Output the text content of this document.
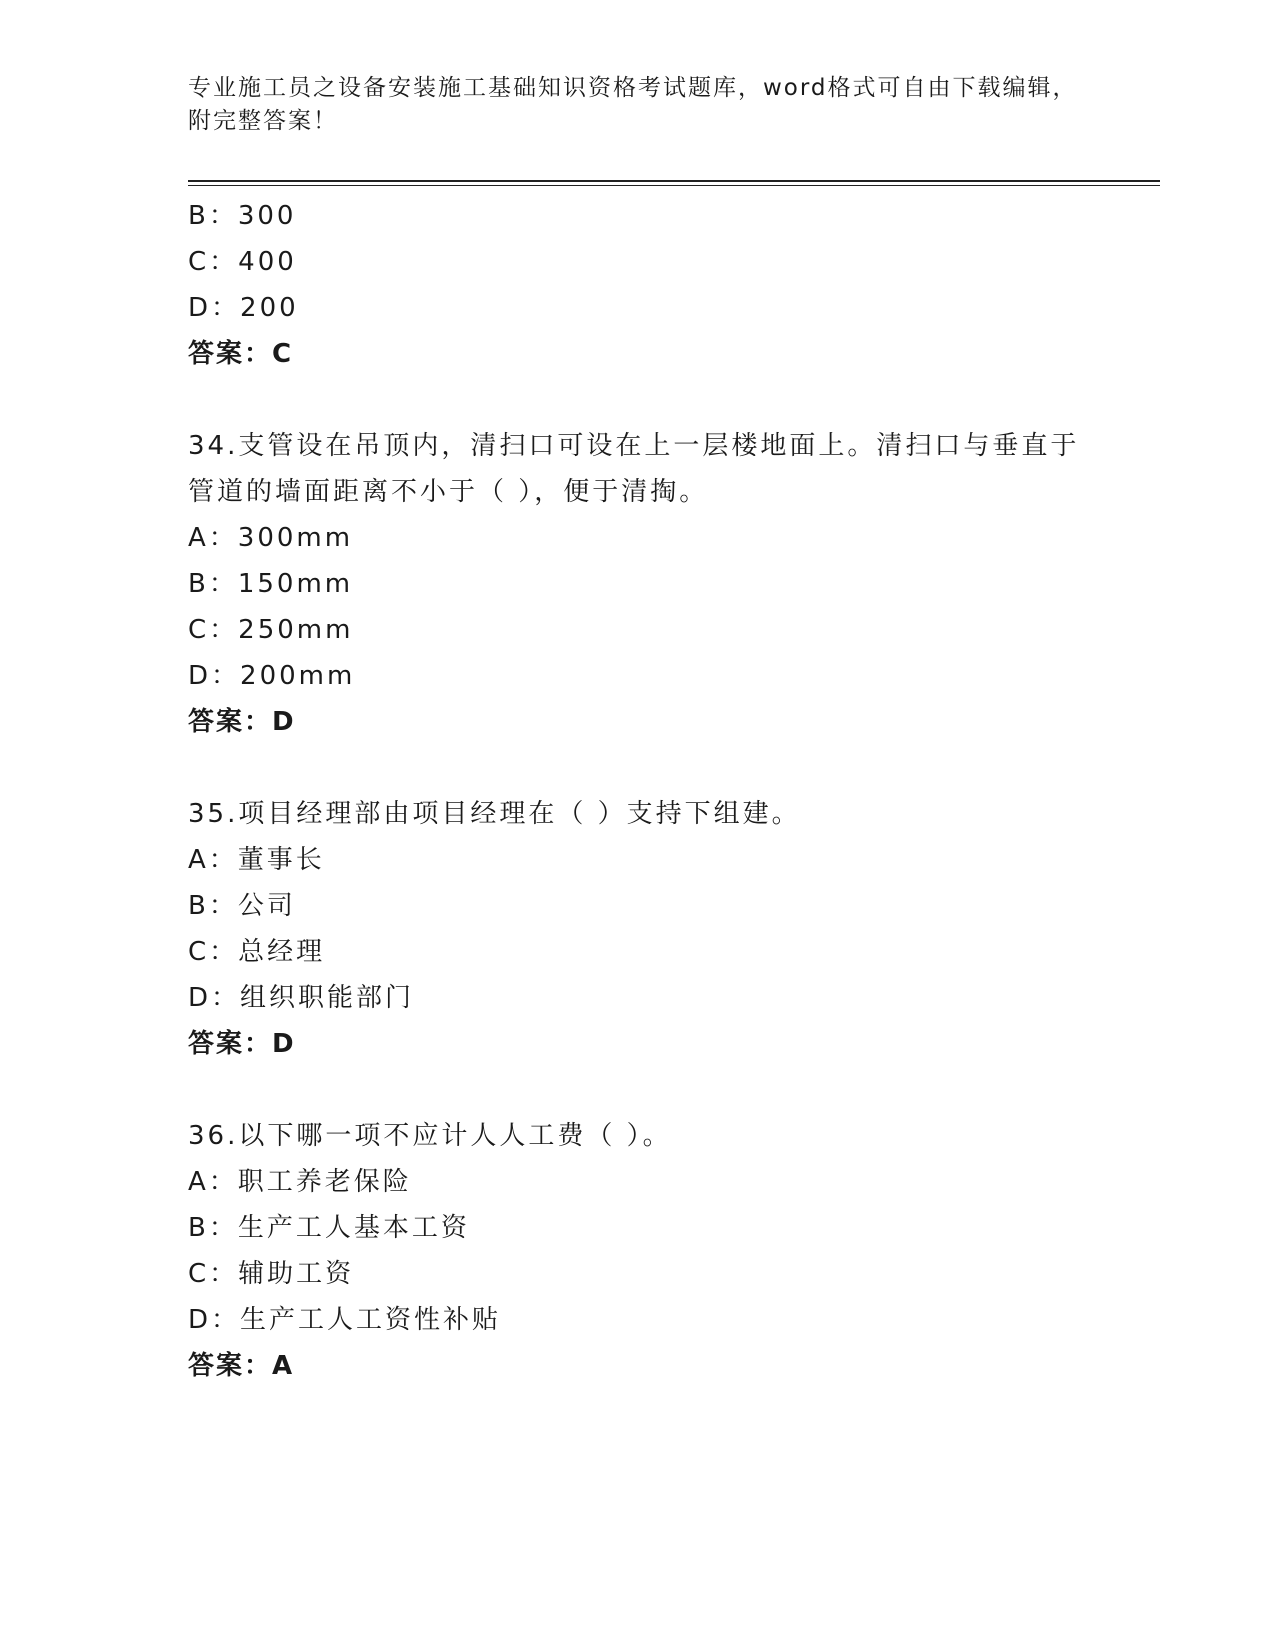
专业施工员之设备安装施工基础知识资格考试题库，word格式可自由下载编辑，
附完整答案！
B：300
C：400
D：200
答案：C
34.支管设在吊顶内，清扫口可设在上一层楼地面上。清扫口与垂直于
管道的墙面距离不小于（ ），便于清掏。
A：300mm
B：150mm
C：250mm
D：200mm
答案：D
35.项目经理部由项目经理在（ ）支持下组建。
A：董事长
B：公司
C：总经理
D：组织职能部门
答案：D
36.以下哪一项不应计人人工费（ ）。
A：职工养老保险
B：生产工人基本工资
C：辅助工资
D：生产工人工资性补贴
答案：A
